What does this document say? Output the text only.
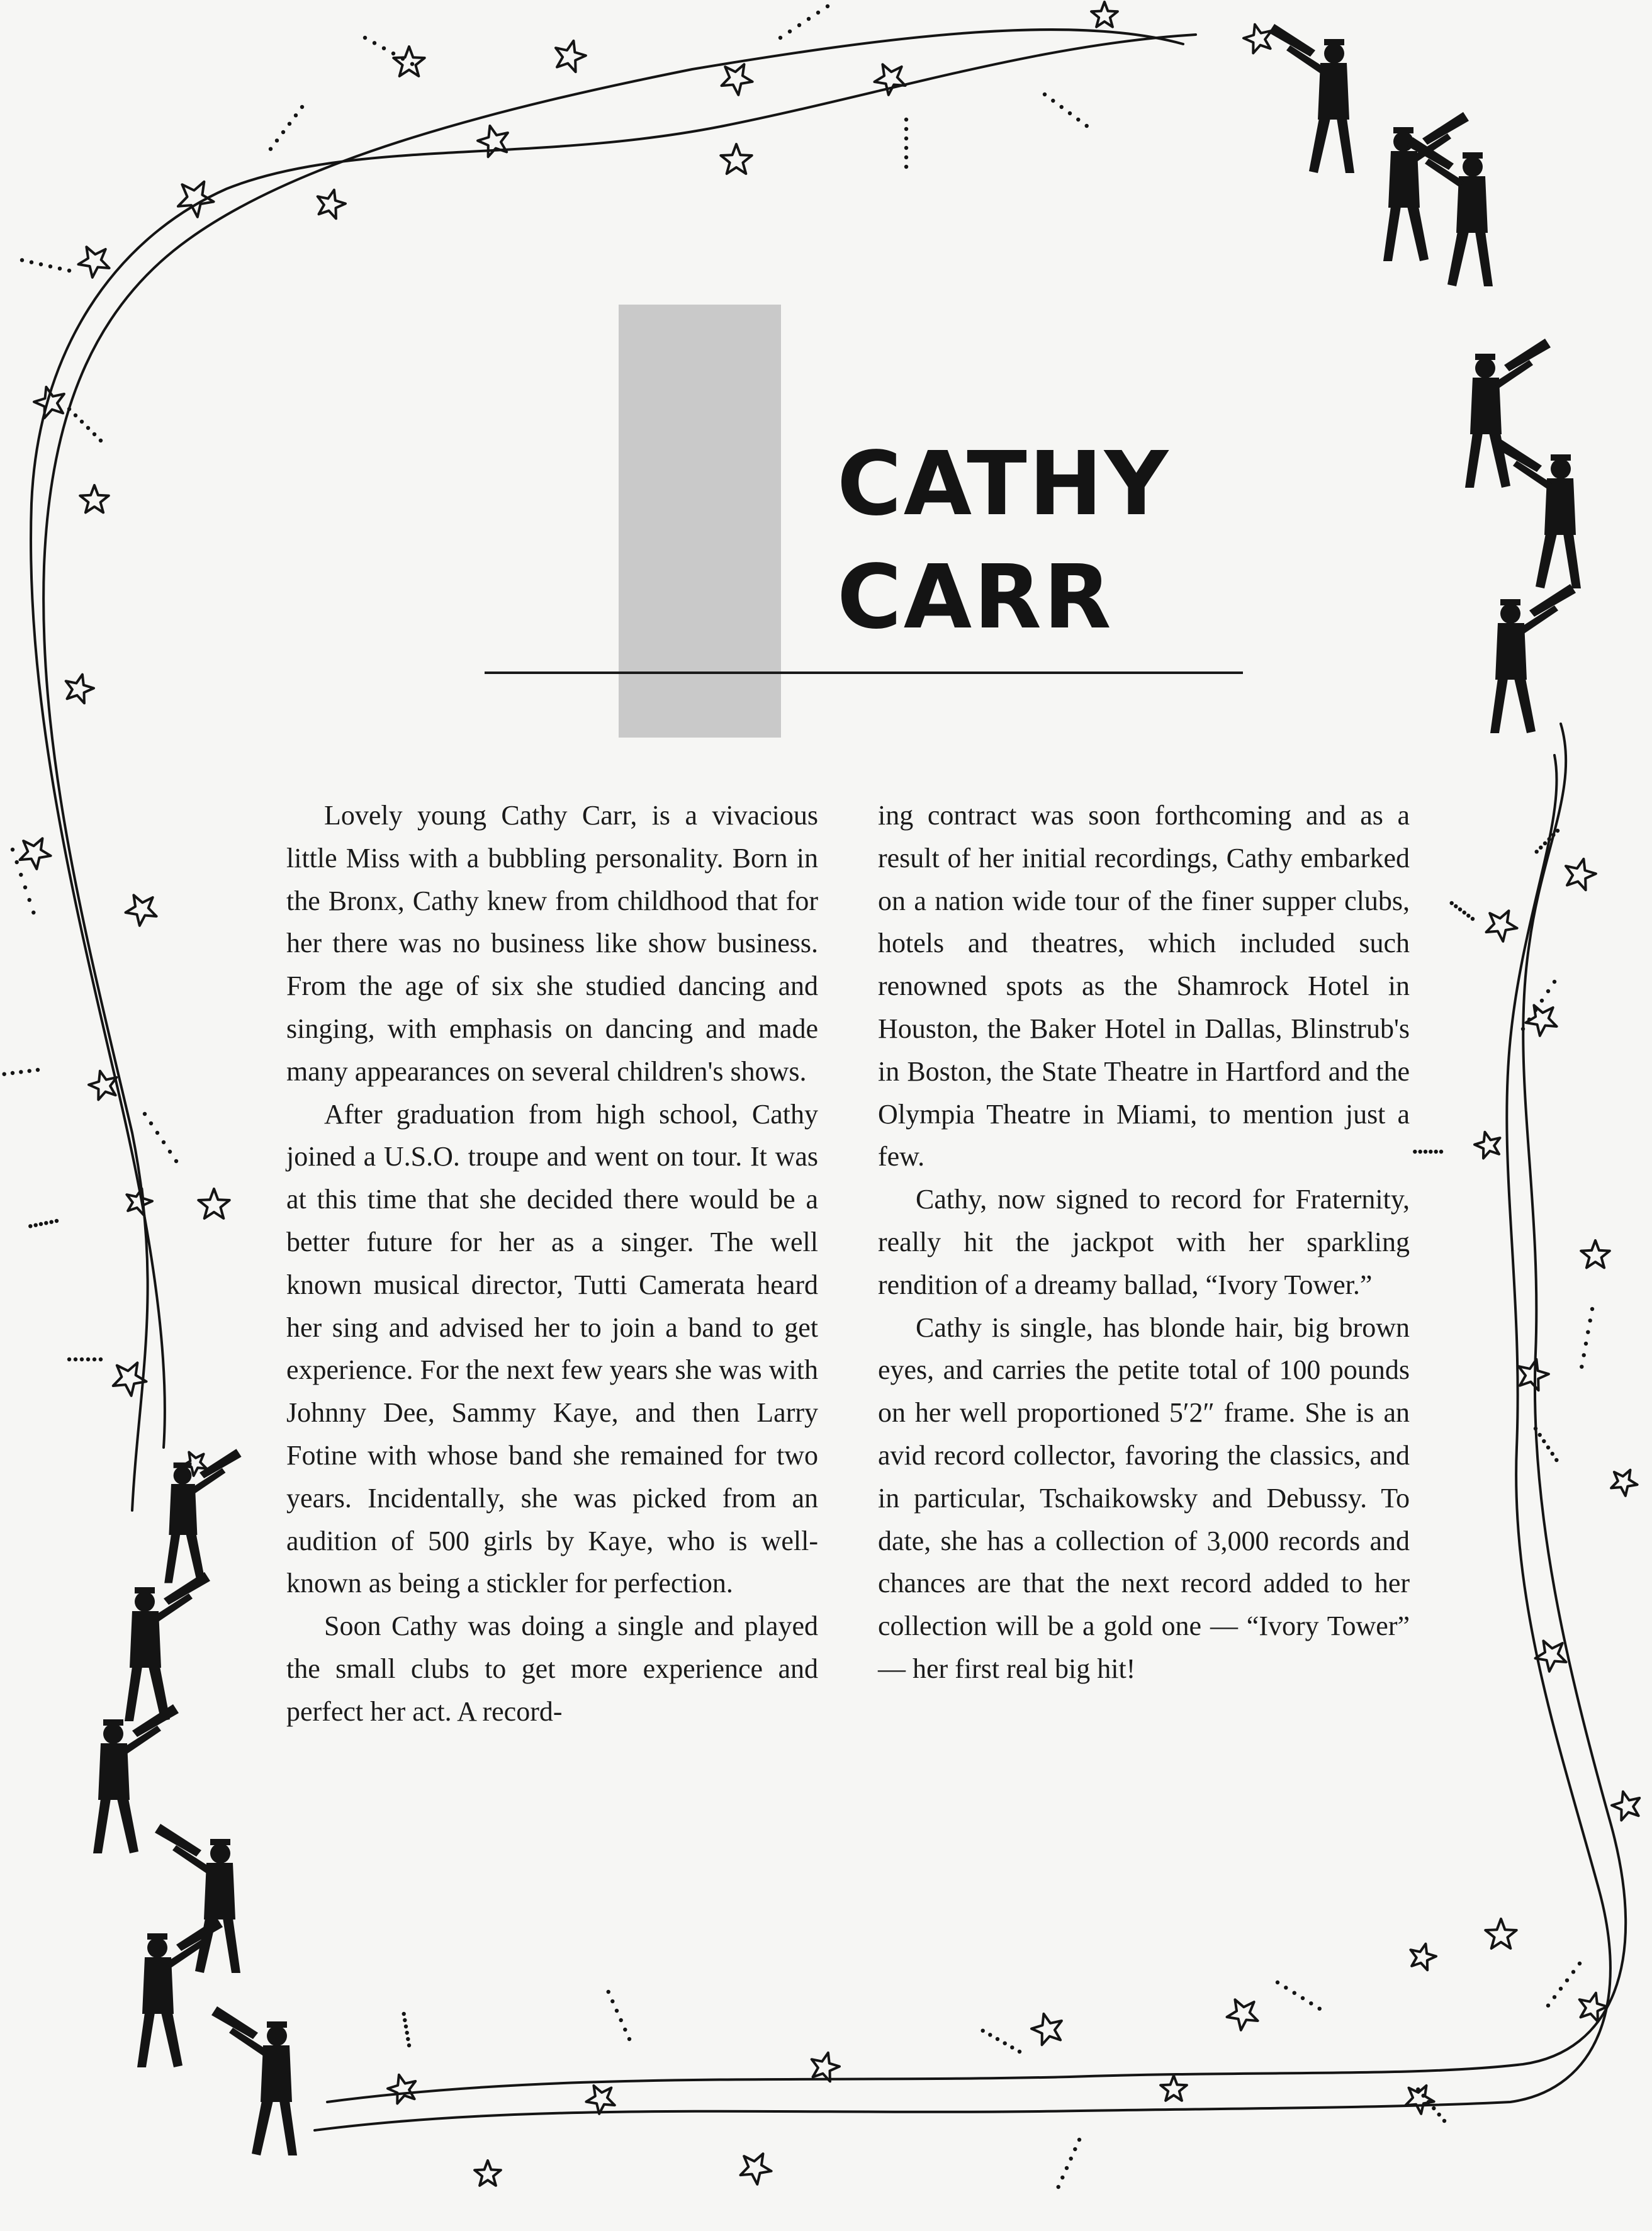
CATHY
CARR

Lovely young Cathy Carr, is a vivacious little Miss with a bubbling personality. Born in the Bronx, Cathy knew from childhood that for her there was no business like show business. From the age of six she studied dancing and singing, with emphasis on dancing and made many appearances on several children's shows.

After graduation from high school, Cathy joined a U.S.O. troupe and went on tour. It was at this time that she decided there would be a better future for her as a singer. The well known musical director, Tutti Camerata heard her sing and advised her to join a band to get experience. For the next few years she was with Johnny Dee, Sammy Kaye, and then Larry Fotine with whose band she remained for two years. Incidentally, she was picked from an audition of 500 girls by Kaye, who is well-known as being a stickler for perfection.

Soon Cathy was doing a single and played the small clubs to get more experience and perfect her act. A record-

ing contract was soon forthcoming and as a result of her initial recordings, Cathy embarked on a nation wide tour of the finer supper clubs, hotels and theatres, which included such renowned spots as the Shamrock Hotel in Houston, the Baker Hotel in Dallas, Blinstrub's in Boston, the State Theatre in Hartford and the Olympia Theatre in Miami, to mention just a few.

Cathy, now signed to record for Fraternity, really hit the jackpot with her sparkling rendition of a dreamy ballad, “Ivory Tower.”

Cathy is single, has blonde hair, big brown eyes, and carries the petite total of 100 pounds on her well proportioned 5′2″ frame. She is an avid record collector, favoring the classics, and in particular, Tschaikowsky and Debussy. To date, she has a collection of 3,000 records and chances are that the next record added to her collection will be a gold one — “Ivory Tower” — her first real big hit!
